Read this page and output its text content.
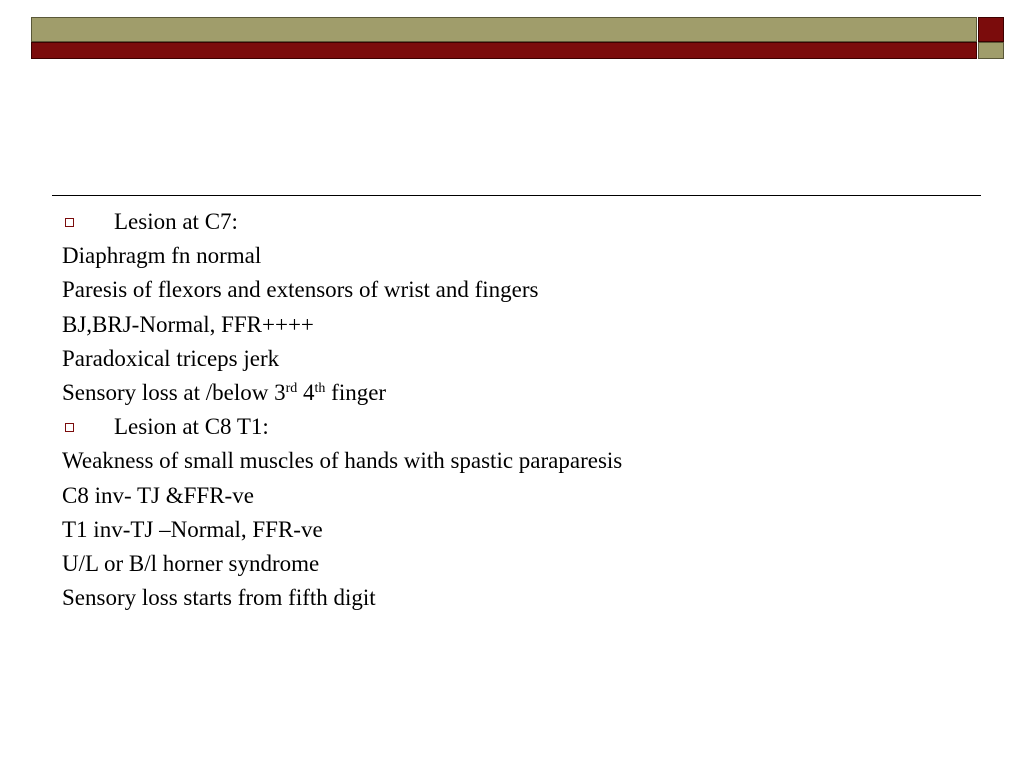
Lesion at C7:
Diaphragm fn normal
Paresis of flexors and extensors of wrist and fingers
BJ,BRJ-Normal, FFR++++
Paradoxical triceps jerk
Sensory loss at /below 3rd 4th finger
Lesion at C8 T1:
Weakness of small muscles of hands with spastic paraparesis
C8 inv- TJ &FFR-ve
T1 inv-TJ –Normal, FFR-ve
U/L or B/l horner syndrome
Sensory loss starts from fifth digit
